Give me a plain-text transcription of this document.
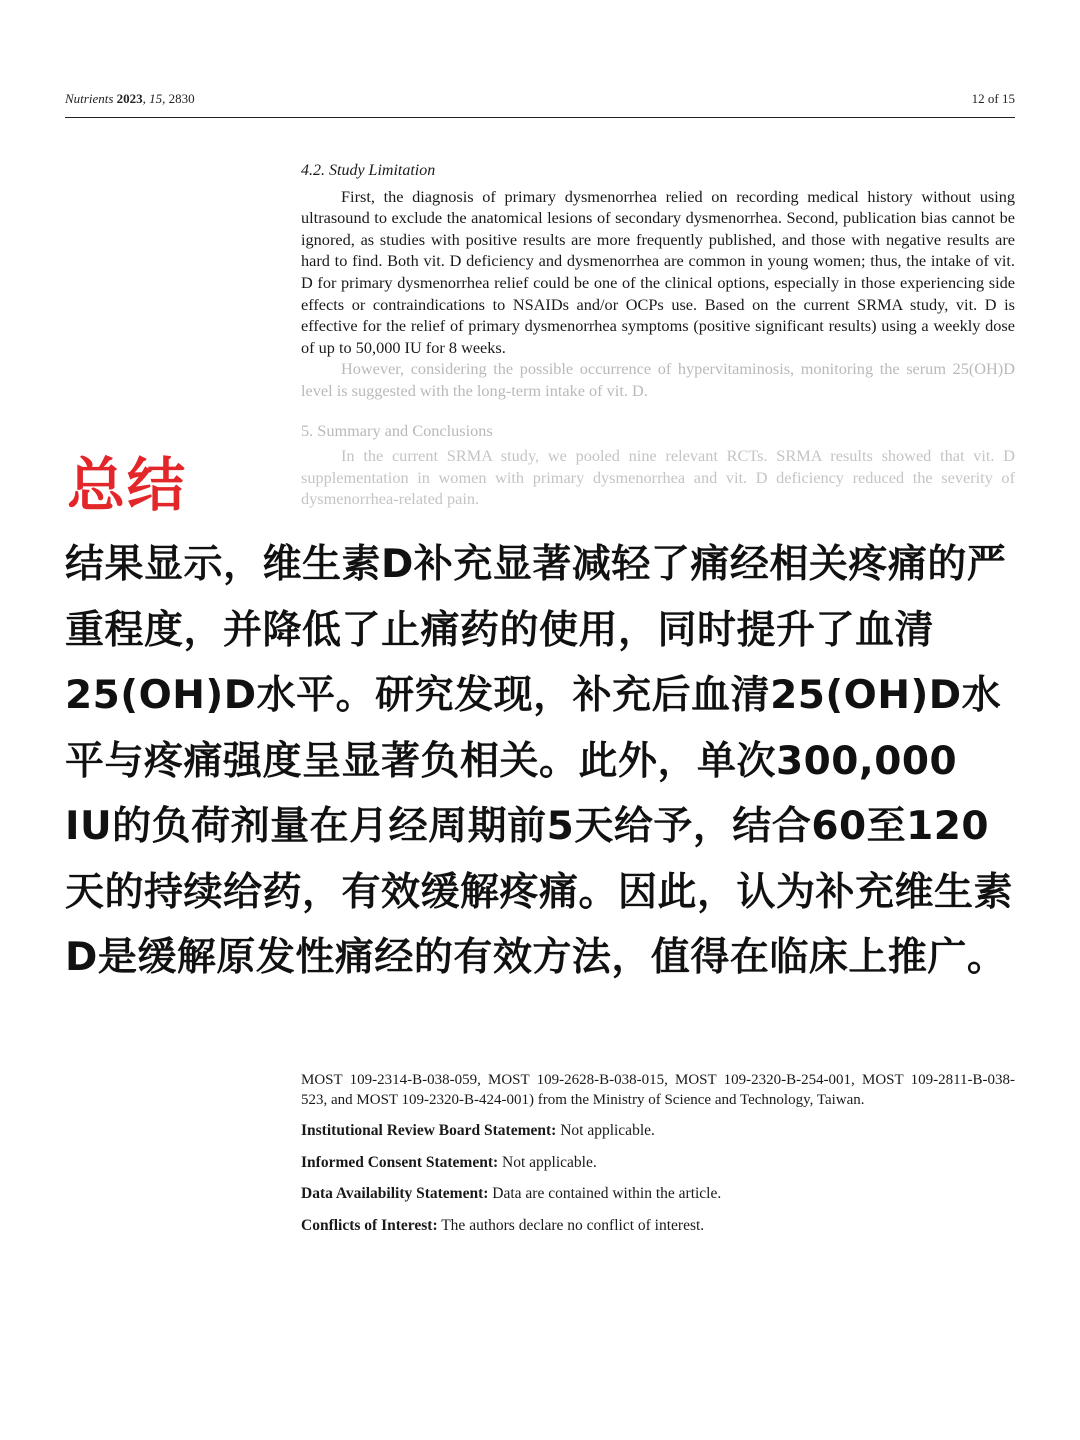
Nutrients 2023, 15, 2830	12 of 15

4.2. Study Limitation

First, the diagnosis of primary dysmenorrhea relied on recording medical history without using ultrasound to exclude the anatomical lesions of secondary dysmenorrhea. Second, publication bias cannot be ignored, as studies with positive results are more frequently published, and those with negative results are hard to find. Both vit. D deficiency and dysmenorrhea are common in young women; thus, the intake of vit. D for primary dysmenorrhea relief could be one of the clinical options, especially in those experiencing side effects or contraindications to NSAIDs and/or OCPs use. Based on the current SRMA study, vit. D is effective for the relief of primary dysmenorrhea symptoms (positive significant results) using a weekly dose of up to 50,000 IU for 8 weeks.

However, considering the possible occurrence of hypervitaminosis, monitoring the serum 25(OH)D level is suggested with the long-term intake of vit. D.

5. Summary and Conclusions

In the current SRMA study, we pooled nine relevant RCTs. SRMA results showed that vit. D supplementation in women with primary dysmenorrhea and vit. D deficiency reduced the severity of dysmenorrhea-related pain.

MOST 109-2314-B-038-059, MOST 109-2628-B-038-015, MOST 109-2320-B-254-001, MOST 109-2811-B-038-523, and MOST 109-2320-B-424-001) from the Ministry of Science and Technology, Taiwan.

Institutional Review Board Statement: Not applicable.

Informed Consent Statement: Not applicable.

Data Availability Statement: Data are contained within the article.

Conflicts of Interest: The authors declare no conflict of interest.

总结

结果显示，维生素D补充显著减轻了痛经相关疼痛的严重程度，并降低了止痛药的使用，同时提升了血清25(OH)D水平。研究发现，补充后血清25(OH)D水平与疼痛强度呈显著负相关。此外，单次300,000 IU的负荷剂量在月经周期前5天给予，结合60至120天的持续给药，有效缓解疼痛。因此，认为补充维生素D是缓解原发性痛经的有效方法，值得在临床上推广。
